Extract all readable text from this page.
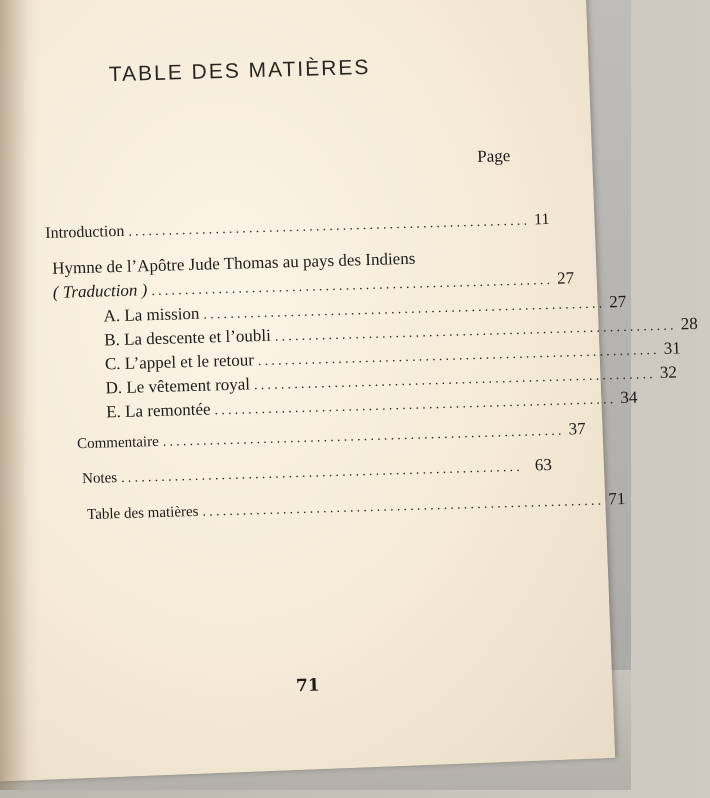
TABLE DES MATIÈRES
Page
Introduction ............................................................ 11
Hymne de l’Apôtre Jude Thomas au pays des Indiens
( Traduction ) ............................................................ 27
A. La mission ............................................................ 27
B. La descente et l’oubli ............................................................ 28
C. L’appel et le retour ............................................................ 31
D. Le vêtement royal ............................................................ 32
E. La remontée ............................................................ 34
Commentaire ............................................................ 37
Notes ............................................................ 63
Table des matières ............................................................ 71
71
